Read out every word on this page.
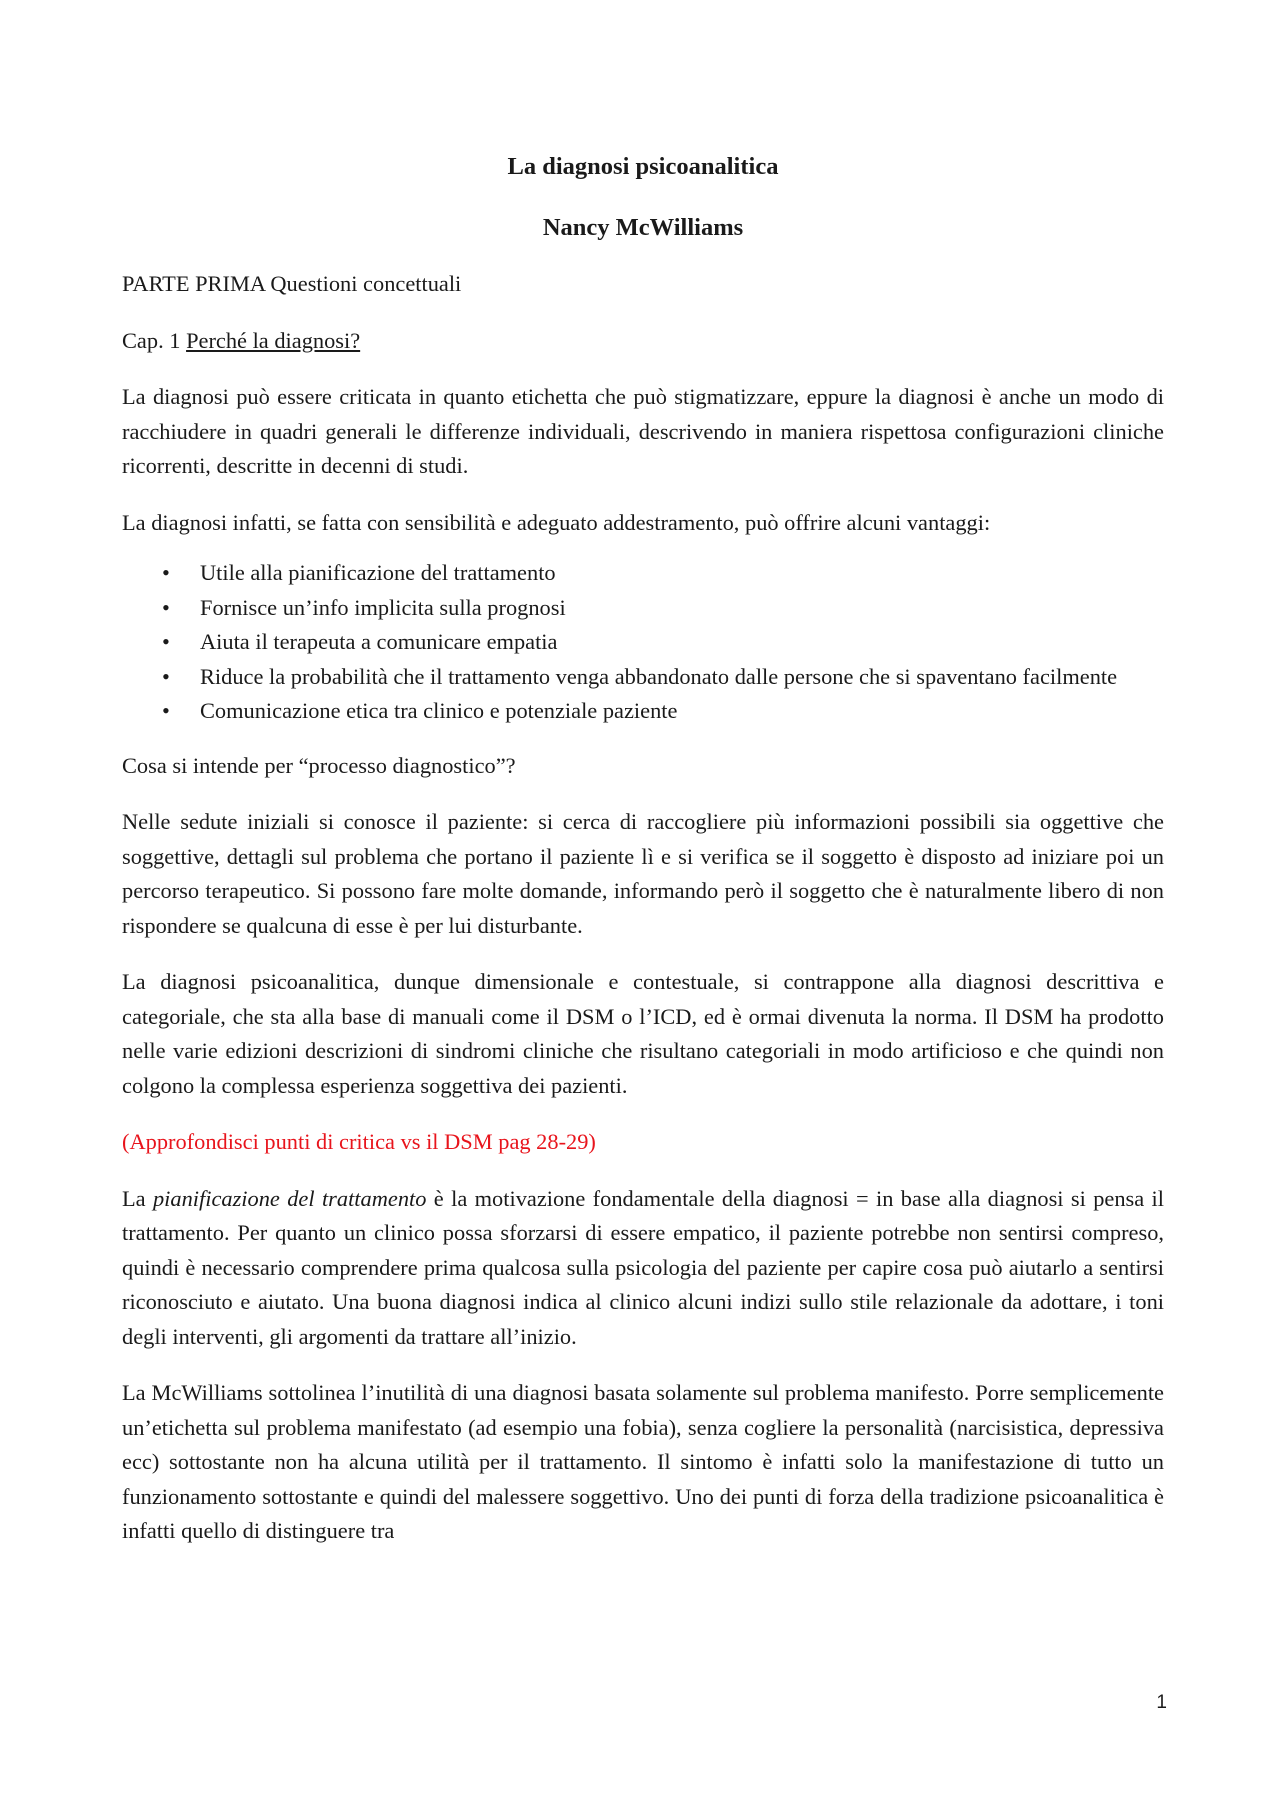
La diagnosi psicoanalitica
Nancy McWilliams

PARTE PRIMA Questioni concettuali

Cap. 1 Perché la diagnosi?

La diagnosi può essere criticata in quanto etichetta che può stigmatizzare, eppure la diagnosi è anche un modo di racchiudere in quadri generali le differenze individuali, descrivendo in maniera rispettosa configurazioni cliniche ricorrenti, descritte in decenni di studi.

La diagnosi infatti, se fatta con sensibilità e adeguato addestramento, può offrire alcuni vantaggi:

• Utile alla pianificazione del trattamento
• Fornisce un’info implicita sulla prognosi
• Aiuta il terapeuta a comunicare empatia
• Riduce la probabilità che il trattamento venga abbandonato dalle persone che si spaventano facilmente
• Comunicazione etica tra clinico e potenziale paziente

Cosa si intende per “processo diagnostico”?

Nelle sedute iniziali si conosce il paziente: si cerca di raccogliere più informazioni possibili sia oggettive che soggettive, dettagli sul problema che portano il paziente lì e si verifica se il soggetto è disposto ad iniziare poi un percorso terapeutico. Si possono fare molte domande, informando però il soggetto che è naturalmente libero di non rispondere se qualcuna di esse è per lui disturbante.

La diagnosi psicoanalitica, dunque dimensionale e contestuale, si contrappone alla diagnosi descrittiva e categoriale, che sta alla base di manuali come il DSM o l’ICD, ed è ormai divenuta la norma. Il DSM ha prodotto nelle varie edizioni descrizioni di sindromi cliniche che risultano categoriali in modo artificioso e che quindi non colgono la complessa esperienza soggettiva dei pazienti.

(Approfondisci punti di critica vs il DSM pag 28-29)

La pianificazione del trattamento è la motivazione fondamentale della diagnosi = in base alla diagnosi si pensa il trattamento. Per quanto un clinico possa sforzarsi di essere empatico, il paziente potrebbe non sentirsi compreso, quindi è necessario comprendere prima qualcosa sulla psicologia del paziente per capire cosa può aiutarlo a sentirsi riconosciuto e aiutato. Una buona diagnosi indica al clinico alcuni indizi sullo stile relazionale da adottare, i toni degli interventi, gli argomenti da trattare all’inizio.

La McWilliams sottolinea l’inutilità di una diagnosi basata solamente sul problema manifesto. Porre semplicemente un’etichetta sul problema manifestato (ad esempio una fobia), senza cogliere la personalità (narcisistica, depressiva ecc) sottostante non ha alcuna utilità per il trattamento. Il sintomo è infatti solo la manifestazione di tutto un funzionamento sottostante e quindi del malessere soggettivo. Uno dei punti di forza della tradizione psicoanalitica è infatti quello di distinguere tra

1
